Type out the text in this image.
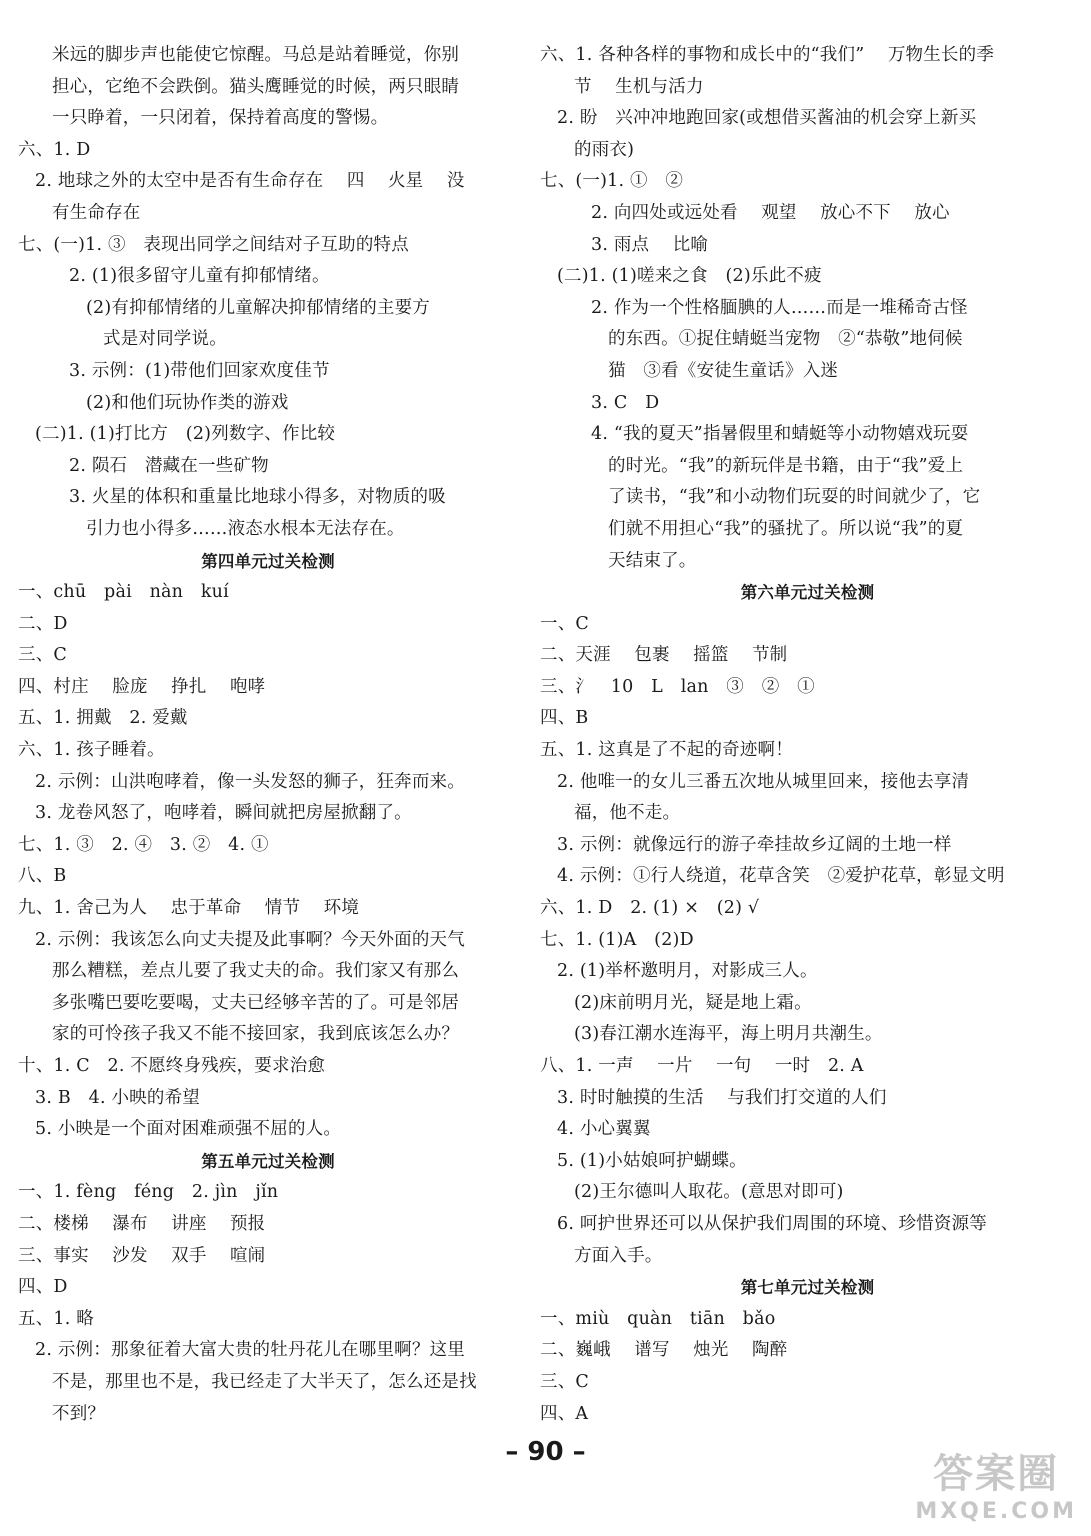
米远的脚步声也能使它惊醒。马总是站着睡觉，你别
担心，它绝不会跌倒。猫头鹰睡觉的时候，两只眼睛
一只睁着，一只闭着，保持着高度的警惕。
六、1. D
2. 地球之外的太空中是否有生命存在　 四 　火星　 没
有生命存在
七、(一)1. ③　表现出同学之间结对子互助的特点
2. (1)很多留守儿童有抑郁情绪。
(2)有抑郁情绪的儿童解决抑郁情绪的主要方
式是对同学说。
3. 示例：(1)带他们回家欢度佳节
(2)和他们玩协作类的游戏
(二)1. (1)打比方　(2)列数字、作比较
2. 陨石　潜藏在一些矿物
3. 火星的体积和重量比地球小得多，对物质的吸
引力也小得多……液态水根本无法存在。
第四单元过关检测
一、chū　pài　nàn　kuí
二、D
三、C
四、村庄　 脸庞　 挣扎　 咆哮
五、1. 拥戴　2. 爱戴
六、1. 孩子睡着。
2. 示例：山洪咆哮着，像一头发怒的狮子，狂奔而来。
3. 龙卷风怒了，咆哮着，瞬间就把房屋掀翻了。
七、1. ③　2. ④　3. ②　4. ①
八、B
九、1. 舍己为人　 忠于革命　 情节　 环境
2. 示例：我该怎么向丈夫提及此事啊？今天外面的天气
那么糟糕，差点儿要了我丈夫的命。我们家又有那么
多张嘴巴要吃要喝，丈夫已经够辛苦的了。可是邻居
家的可怜孩子我又不能不接回家，我到底该怎么办？
十、1. C　2. 不愿终身残疾，要求治愈
3. B　4. 小映的希望
5. 小映是一个面对困难顽强不屈的人。
第五单元过关检测
一、1. fèng　féng　2. jìn　jǐn
二、楼梯　 瀑布　 讲座　 预报
三、事实　 沙发　 双手　 喧闹
四、D
五、1. 略
2. 示例：那象征着大富大贵的牡丹花儿在哪里啊？这里
不是，那里也不是，我已经走了大半天了，怎么还是找
不到？
六、1. 各种各样的事物和成长中的“我们”　 万物生长的季
节　 生机与活力
2. 盼　兴冲冲地跑回家(或想借买酱油的机会穿上新买
的雨衣)
七、(一)1. ①　②
2. 向四处或远处看　 观望　 放心不下　 放心
3. 雨点　 比喻
(二)1. (1)嗟来之食　(2)乐此不疲
2. 作为一个性格腼腆的人……而是一堆稀奇古怪
的东西。①捉住蜻蜓当宠物　②“恭敬”地伺候
猫　③看《安徒生童话》入迷
3. C　D
4. “我的夏天”指暑假里和蜻蜓等小动物嬉戏玩耍
的时光。“我”的新玩伴是书籍，由于“我”爱上
了读书，“我”和小动物们玩耍的时间就少了，它
们就不用担心“我”的骚扰了。所以说“我”的夏
天结束了。
第六单元过关检测
一、C
二、天涯　 包裹　 摇篮　 节制
三、氵　10　L　lan　③　②　①
四、B
五、1. 这真是了不起的奇迹啊！
2. 他唯一的女儿三番五次地从城里回来，接他去享清
福，他不走。
3. 示例：就像远行的游子牵挂故乡辽阔的土地一样
4. 示例：①行人绕道，花草含笑　②爱护花草，彰显文明
六、1. D　2. (1) ×　(2) √
七、1. (1)A　(2)D
2. (1)举杯邀明月，对影成三人。
(2)床前明月光，疑是地上霜。
(3)春江潮水连海平，海上明月共潮生。
八、1. 一声　 一片　 一句　 一时　2. A
3. 时时触摸的生活　 与我们打交道的人们
4. 小心翼翼
5. (1)小姑娘呵护蝴蝶。
(2)王尔德叫人取花。(意思对即可)
6. 呵护世界还可以从保护我们周围的环境、珍惜资源等
方面入手。
第七单元过关检测
一、miù　quàn　tiān　bǎo
二、巍峨　 谱写　 烛光　 陶醉
三、C
四、A
– 90 –	答案圈
MXQE.COM
